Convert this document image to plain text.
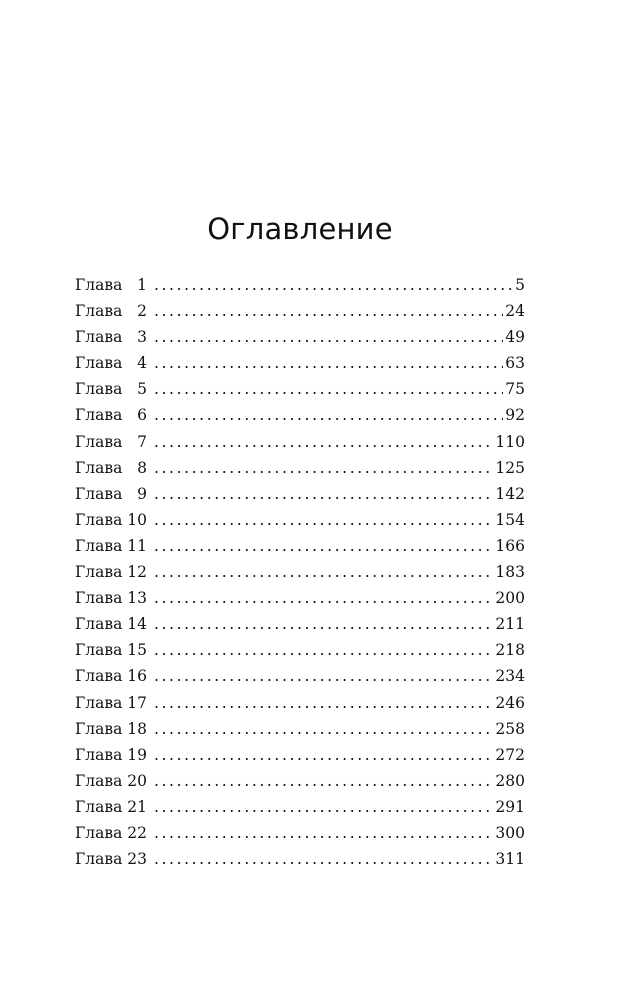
Оглавление
Глава 1 .....	5
Глава 2 .....	24
Глава 3 .....	49
Глава 4 .....	63
Глава 5 .....	75
Глава 6 .....	92
Глава 7 .....	110
Глава 8 .....	125
Глава 9 .....	142
Глава 10 .....	154
Глава 11 .....	166
Глава 12 .....	183
Глава 13 .....	200
Глава 14 .....	211
Глава 15 .....	218
Глава 16 .....	234
Глава 17 .....	246
Глава 18 .....	258
Глава 19 .....	272
Глава 20 .....	280
Глава 21 .....	291
Глава 22 .....	300
Глава 23 .....	311
